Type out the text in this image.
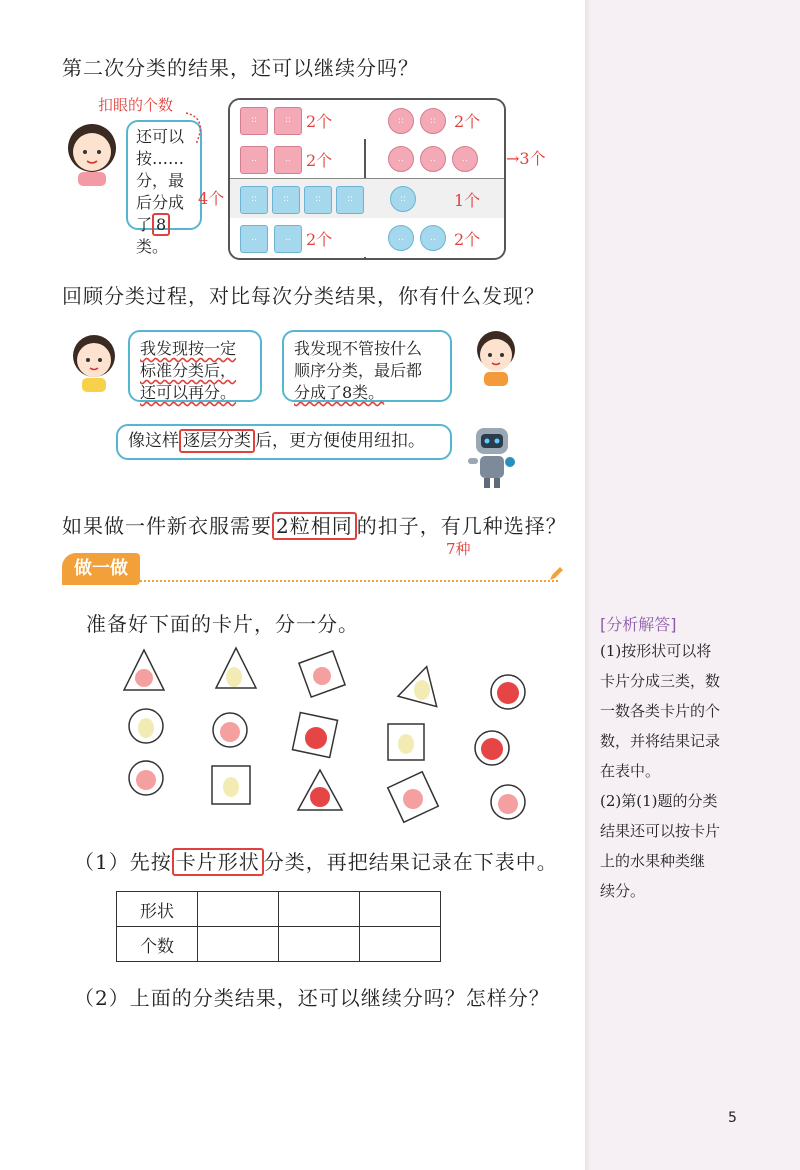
第二次分类的结果，还可以继续分吗？
扣眼的个数
还可以
按……
分，最
后分成
了 8类。
4个
::	:: 2个	::	::	2个
..	.. 2个	..	..	..
::	::	::	::	::	1个
..	.. 2个	..	..	2个
→3个
回顾分类过程，对比每次分类结果，你有什么发现？
我发现按一定
标准分类后，
还可以再分。
我发现不管按什么
顺序分类，最后都
分成了8类。
像这样 逐层分类 后，更方便使用纽扣。
如果做一件新衣服需要 2粒相同 的扣子，有几种选择？
7种
做一做
准备好下面的卡片，分一分。
（1）先按 卡片形状 分类，再把结果记录在下表中。
形状			
个数			
（2）上面的分类结果，还可以继续分吗？怎样分？
[分析解答]
(1)按形状可以将
卡片分成三类，数
一数各类卡片的个
数，并将结果记录
在表中。
(2)第(1)题的分类
结果还可以按卡片
上的水果种类继
续分。
5
